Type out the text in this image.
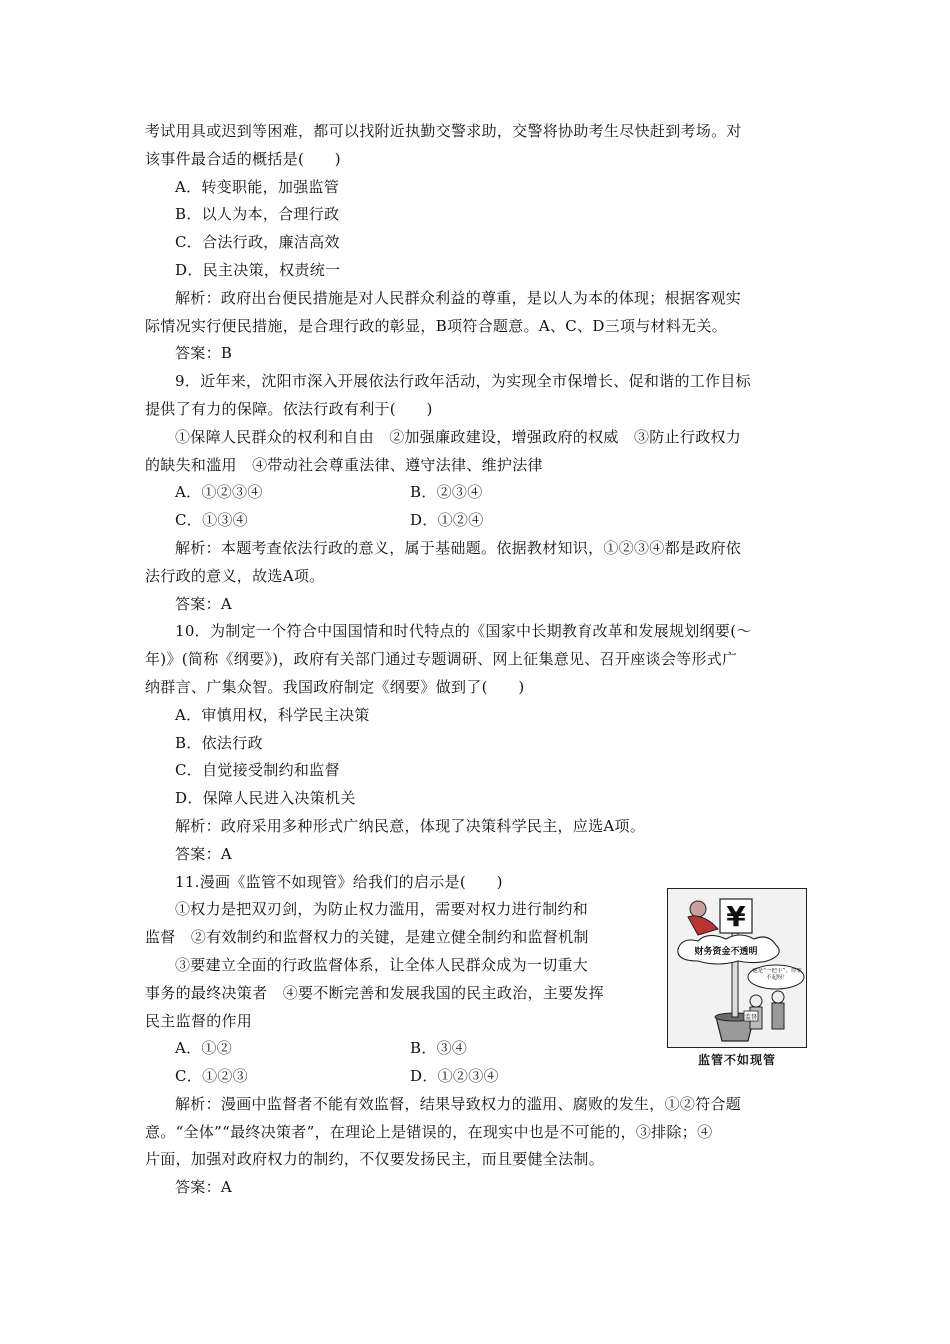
考试用具或迟到等困难，都可以找附近执勤交警求助，交警将协助考生尽快赶到考场。对
该事件最合适的概括是(　　)
A．转变职能，加强监管
B．以人为本，合理行政
C．合法行政，廉洁高效
D．民主决策，权责统一
解析：政府出台便民措施是对人民群众利益的尊重，是以人为本的体现；根据客观实
际情况实行便民措施，是合理行政的彰显，B项符合题意。A、C、D三项与材料无关。
答案：B
9．近年来，沈阳市深入开展依法行政年活动，为实现全市保增长、促和谐的工作目标
提供了有力的保障。依法行政有利于(　　)
①保障人民群众的权利和自由　②加强廉政建设，增强政府的权威　③防止行政权力
的缺失和滥用　④带动社会尊重法律、遵守法律、维护法律
A．①②③④	B．②③④
C．①③④	D．①②④
解析：本题考查依法行政的意义，属于基础题。依据教材知识，①②③④都是政府依
法行政的意义，故选A项。
答案：A
10．为制定一个符合中国国情和时代特点的《国家中长期教育改革和发展规划纲要(～
年)》(简称《纲要》)，政府有关部门通过专题调研、网上征集意见、召开座谈会等形式广
纳群言、广集众智。我国政府制定《纲要》做到了(　　)
A．审慎用权，科学民主决策
B．依法行政
C．自觉接受制约和监督
D．保障人民进入决策机关
解析：政府采用多种形式广纳民意，体现了决策科学民主，应选A项。
答案：A
11.漫画《监管不如现管》给我们的启示是(　　)
①权力是把双刃剑，为防止权力滥用，需要对权力进行制约和
监督　②有效制约和监督权力的关键，是建立健全制约和监督机制
③要建立全面的行政监督体系，让全体人民群众成为一切重大
事务的最终决策者　④要不断完善和发展我国的民主政治，主要发挥
民主监督的作用
A．①②	B．③④
C．①②③	D．①②③④
解析：漫画中监督者不能有效监督，结果导致权力的滥用、腐败的发生，①②符合题
意。“全体”“最终决策者”，在理论上是错误的，在现实中也是不可能的，③排除；④
片面，加强对政府权力的制约，不仅要发扬民主，而且要健全法制。
答案：A
¥
财务资金不透明
他是“一把手”，得罪不起呀！
监督
监管不如现管
